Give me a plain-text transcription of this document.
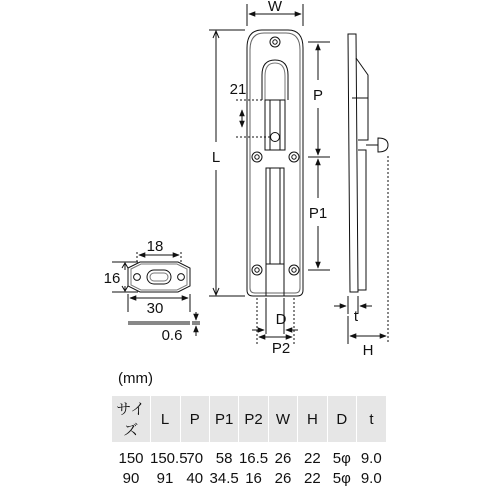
W
L
21	P
P1
D
P2
t
H
18
16
30
0.6
(mm)
サイズ	L	P	P1	P2	W	H	D	t
150	150.5	70	58	16.5	26	22	5φ	9.0
90	91	40	34.5	16	26	22	5φ	9.0
